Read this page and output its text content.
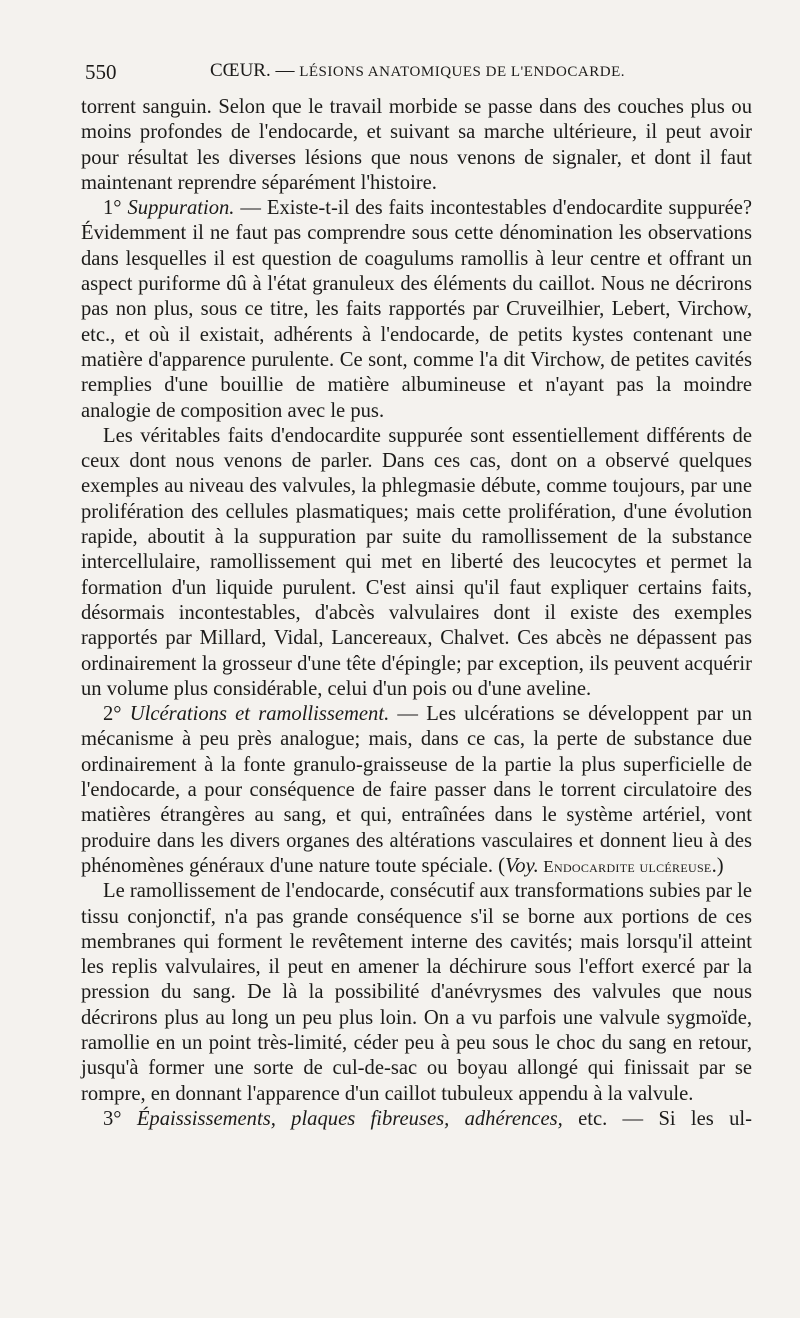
550	CŒUR. — LÉSIONS ANATOMIQUES DE L'ENDOCARDE.

torrent sanguin. Selon que le travail morbide se passe dans des couches plus ou moins profondes de l'endocarde, et suivant sa marche ultérieure, il peut avoir pour résultat les diverses lésions que nous venons de signaler, et dont il faut maintenant reprendre séparément l'histoire.

1° Suppuration. — Existe-t-il des faits incontestables d'endocardite suppurée? Évidemment il ne faut pas comprendre sous cette dénomination les observations dans lesquelles il est question de coagulums ramollis à leur centre et offrant un aspect puriforme dû à l'état granuleux des éléments du caillot. Nous ne décrirons pas non plus, sous ce titre, les faits rapportés par Cruveilhier, Lebert, Virchow, etc., et où il existait, adhérents à l'endocarde, de petits kystes contenant une matière d'apparence purulente. Ce sont, comme l'a dit Virchow, de petites cavités remplies d'une bouillie de matière albumineuse et n'ayant pas la moindre analogie de composition avec le pus.

Les véritables faits d'endocardite suppurée sont essentiellement différents de ceux dont nous venons de parler. Dans ces cas, dont on a observé quelques exemples au niveau des valvules, la phlegmasie débute, comme toujours, par une prolifération des cellules plasmatiques; mais cette prolifération, d'une évolution rapide, aboutit à la suppuration par suite du ramollissement de la substance intercellulaire, ramollissement qui met en liberté des leucocytes et permet la formation d'un liquide purulent. C'est ainsi qu'il faut expliquer certains faits, désormais incontestables, d'abcès valvulaires dont il existe des exemples rapportés par Millard, Vidal, Lancereaux, Chalvet. Ces abcès ne dépassent pas ordinairement la grosseur d'une tête d'épingle; par exception, ils peuvent acquérir un volume plus considérable, celui d'un pois ou d'une aveline.

2° Ulcérations et ramollissement. — Les ulcérations se développent par un mécanisme à peu près analogue; mais, dans ce cas, la perte de substance due ordinairement à la fonte granulo-graisseuse de la partie la plus superficielle de l'endocarde, a pour conséquence de faire passer dans le torrent circulatoire des matières étrangères au sang, et qui, entraînées dans le système artériel, vont produire dans les divers organes des altérations vasculaires et donnent lieu à des phénomènes généraux d'une nature toute spéciale. (Voy. Endocardite ulcéreuse.)

Le ramollissement de l'endocarde, consécutif aux transformations subies par le tissu conjonctif, n'a pas grande conséquence s'il se borne aux portions de ces membranes qui forment le revêtement interne des cavités; mais lorsqu'il atteint les replis valvulaires, il peut en amener la déchirure sous l'effort exercé par la pression du sang. De là la possibilité d'anévrysmes des valvules que nous décrirons plus au long un peu plus loin. On a vu parfois une valvule sygmoïde, ramollie en un point très-limité, céder peu à peu sous le choc du sang en retour, jusqu'à former une sorte de cul-de-sac ou boyau allongé qui finissait par se rompre, en donnant l'apparence d'un caillot tubuleux appendu à la valvule.

3° Épaississements, plaques fibreuses, adhérences, etc. — Si les ul-
